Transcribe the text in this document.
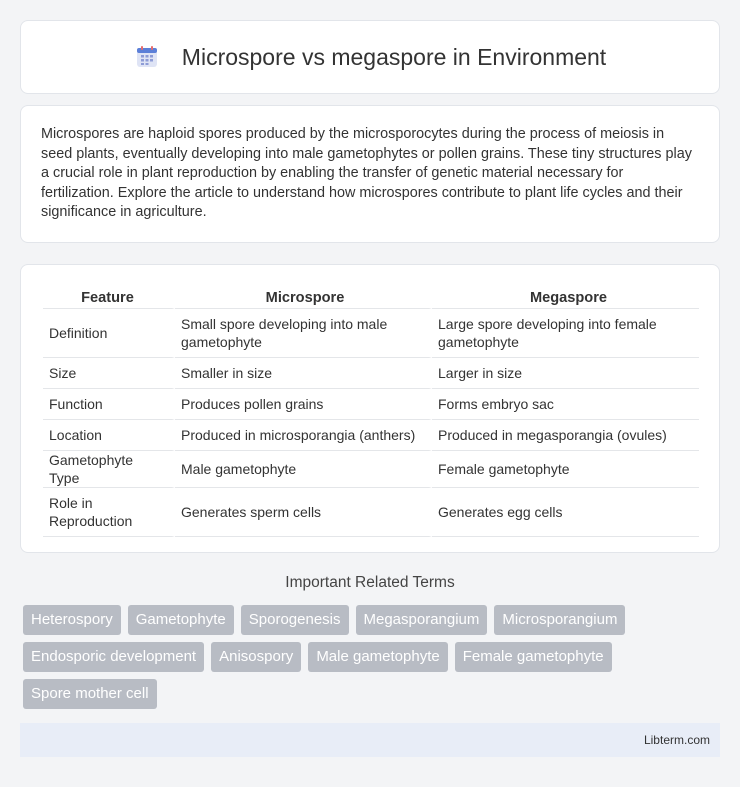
Microspore vs megaspore in Environment

Microspores are haploid spores produced by the microsporocytes during the process of meiosis in seed plants, eventually developing into male gametophytes or pollen grains. These tiny structures play a crucial role in plant reproduction by enabling the transfer of genetic material necessary for fertilization. Explore the article to understand how microspores contribute to plant life cycles and their significance in agriculture.

Feature	Microspore	Megaspore
Definition	Small spore developing into male gametophyte	Large spore developing into female gametophyte
Size	Smaller in size	Larger in size
Function	Produces pollen grains	Forms embryo sac
Location	Produced in microsporangia (anthers)	Produced in megasporangia (ovules)
Gametophyte Type	Male gametophyte	Female gametophyte
Role in Reproduction	Generates sperm cells	Generates egg cells
Important Related Terms
Heterospory	Gametophyte	Sporogenesis	Megasporangium	Microsporangium
Endosporic development	Anisospory	Male gametophyte	Female gametophyte
Spore mother cell
Libterm.com
